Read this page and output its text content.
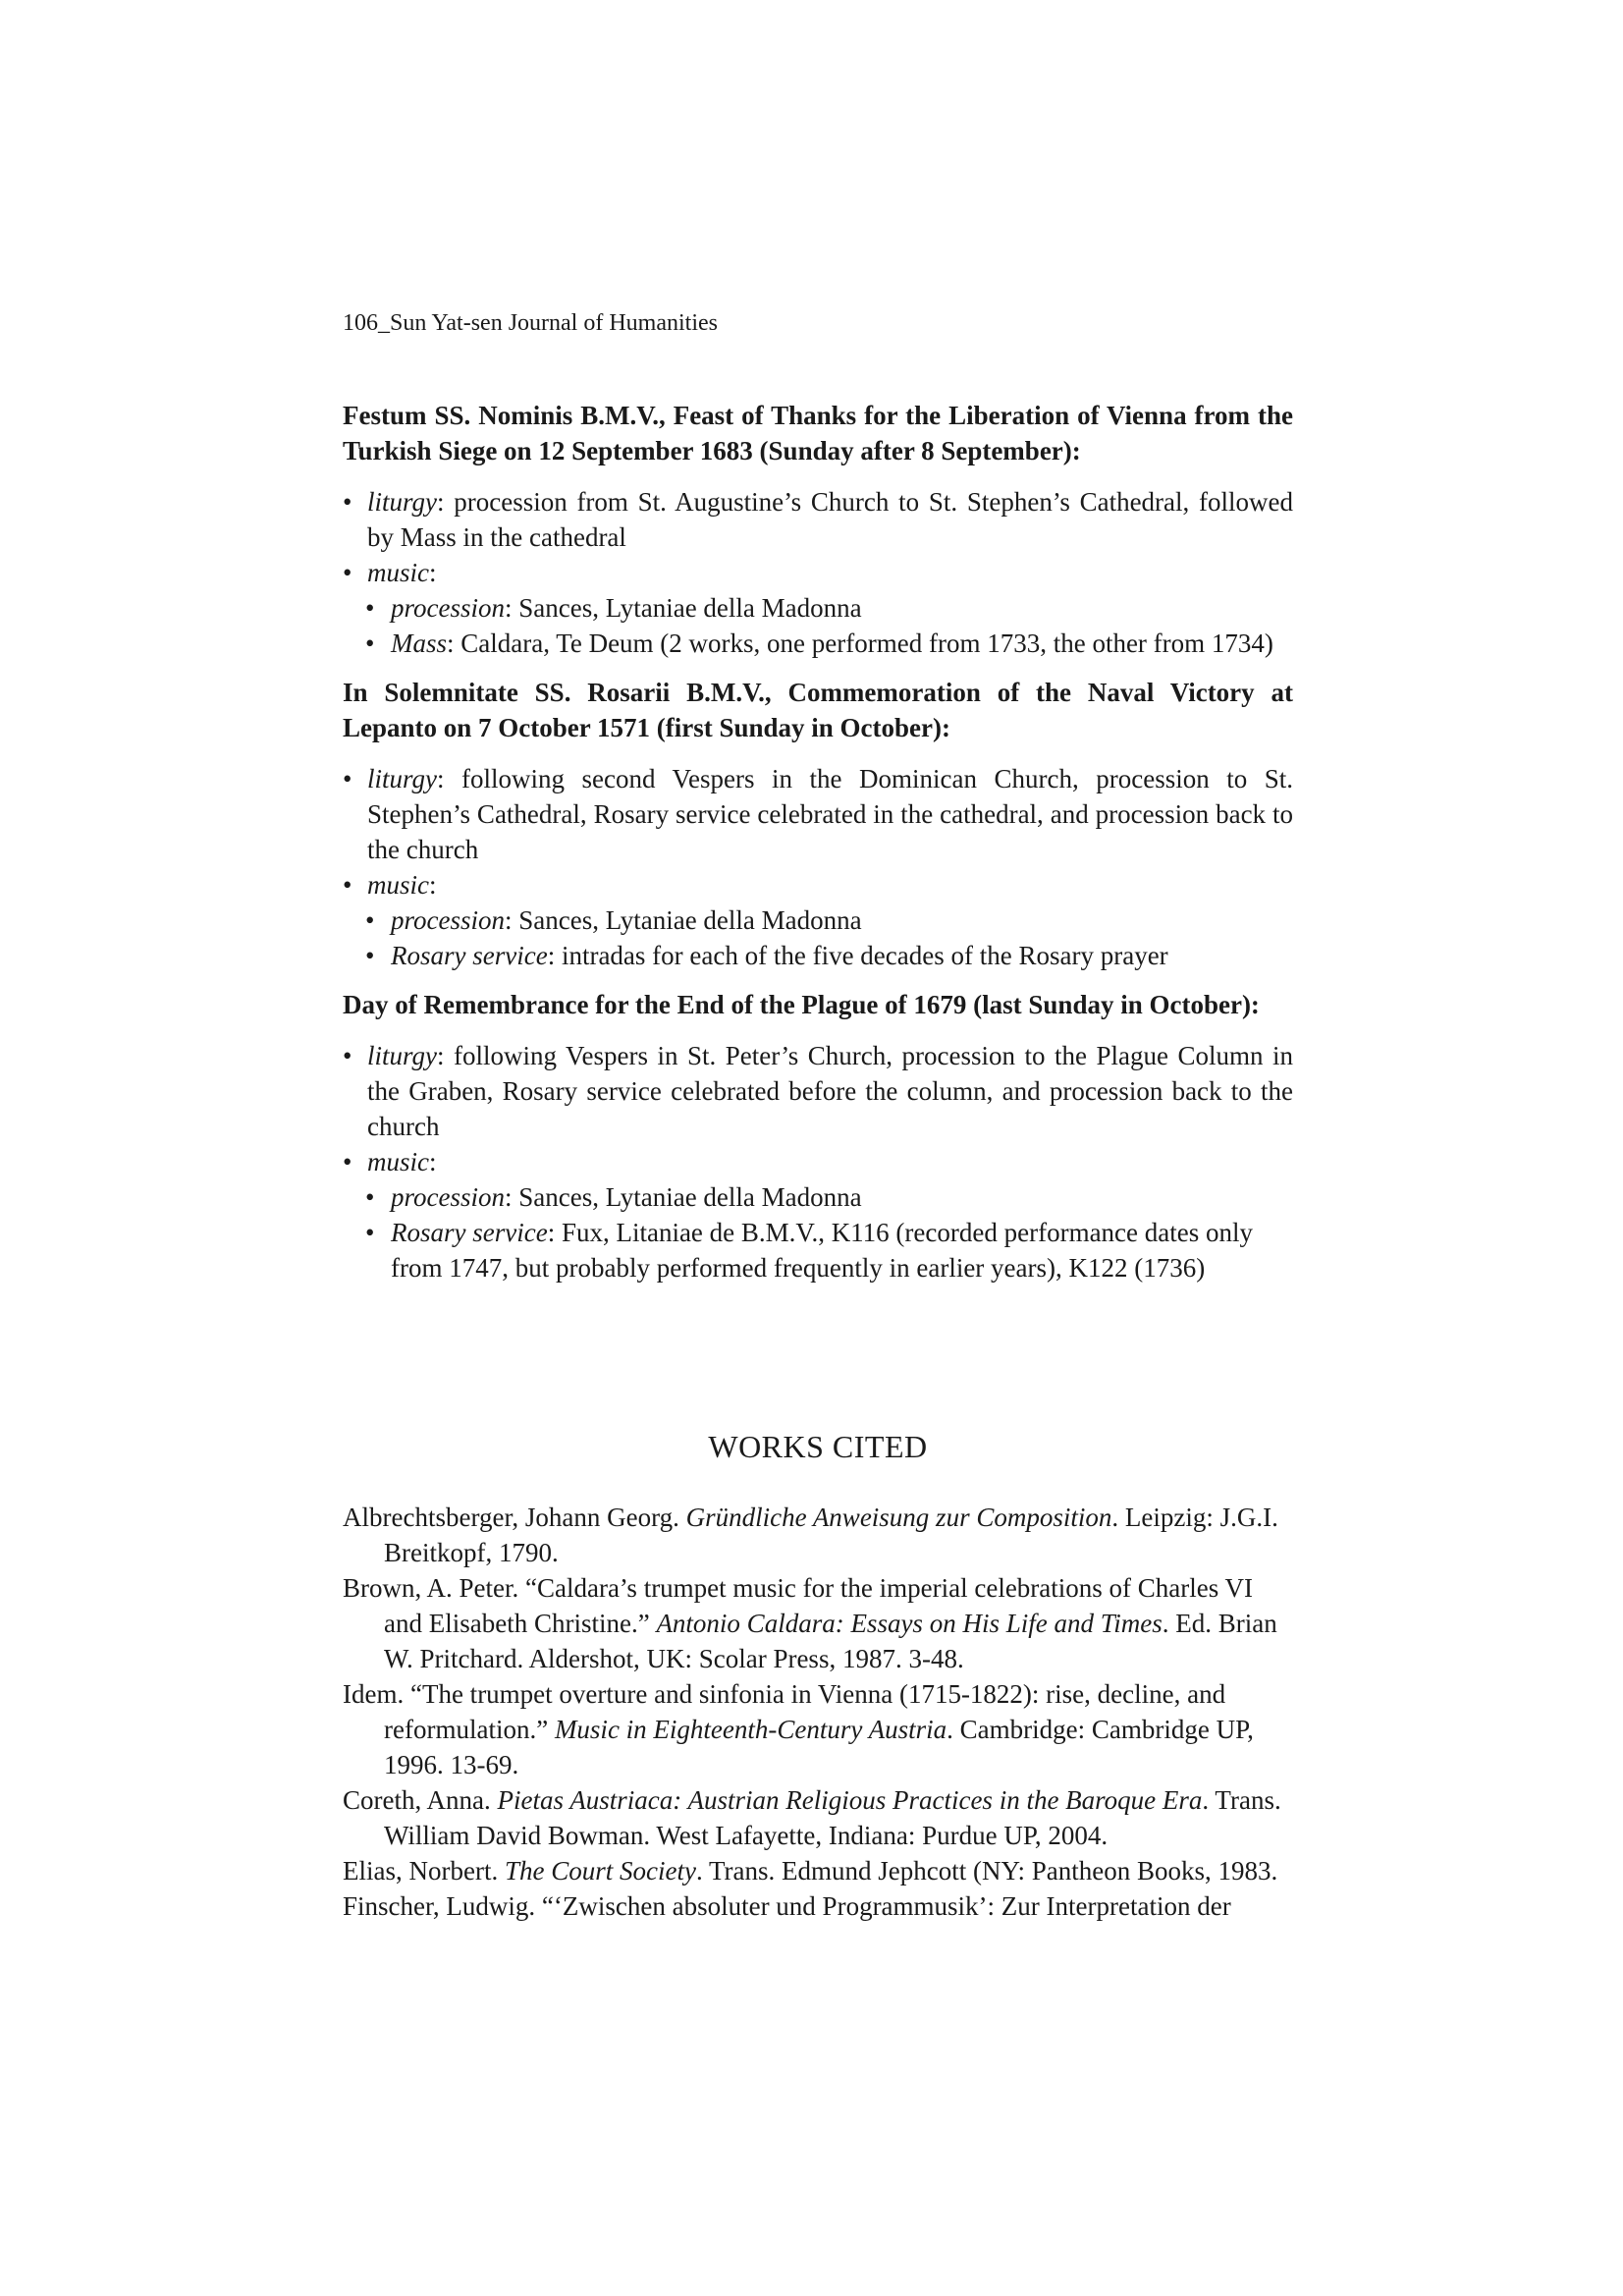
106_Sun Yat-sen Journal of Humanities

Festum SS. Nominis B.M.V., Feast of Thanks for the Liberation of Vienna from the Turkish Siege on 12 September 1683 (Sunday after 8 September):

• liturgy: procession from St. Augustine’s Church to St. Stephen’s Cathedral, followed by Mass in the cathedral
• music:
• procession: Sances, Lytaniae della Madonna
• Mass: Caldara, Te Deum (2 works, one performed from 1733, the other from 1734)

In Solemnitate SS. Rosarii B.M.V., Commemoration of the Naval Victory at Lepanto on 7 October 1571 (first Sunday in October):

• liturgy: following second Vespers in the Dominican Church, procession to St. Stephen’s Cathedral, Rosary service celebrated in the cathedral, and procession back to the church
• music:
• procession: Sances, Lytaniae della Madonna
• Rosary service: intradas for each of the five decades of the Rosary prayer

Day of Remembrance for the End of the Plague of 1679 (last Sunday in October):

• liturgy: following Vespers in St. Peter’s Church, procession to the Plague Column in the Graben, Rosary service celebrated before the column, and procession back to the church
• music:
• procession: Sances, Lytaniae della Madonna
• Rosary service: Fux, Litaniae de B.M.V., K116 (recorded performance dates only from 1747, but probably performed frequently in earlier years), K122 (1736)
WORKS CITED
Albrechtsberger, Johann Georg. Gründliche Anweisung zur Composition. Leipzig: J.G.I. Breitkopf, 1790.
Brown, A. Peter. “Caldara’s trumpet music for the imperial celebrations of Charles VI and Elisabeth Christine.” Antonio Caldara: Essays on His Life and Times. Ed. Brian W. Pritchard. Aldershot, UK: Scolar Press, 1987. 3-48.
Idem. “The trumpet overture and sinfonia in Vienna (1715-1822): rise, decline, and reformulation.” Music in Eighteenth-Century Austria. Cambridge: Cambridge UP, 1996. 13-69.
Coreth, Anna. Pietas Austriaca: Austrian Religious Practices in the Baroque Era. Trans. William David Bowman. West Lafayette, Indiana: Purdue UP, 2004.
Elias, Norbert. The Court Society. Trans. Edmund Jephcott (NY: Pantheon Books, 1983.
Finscher, Ludwig. “‘Zwischen absoluter und Programmusik’: Zur Interpretation der
